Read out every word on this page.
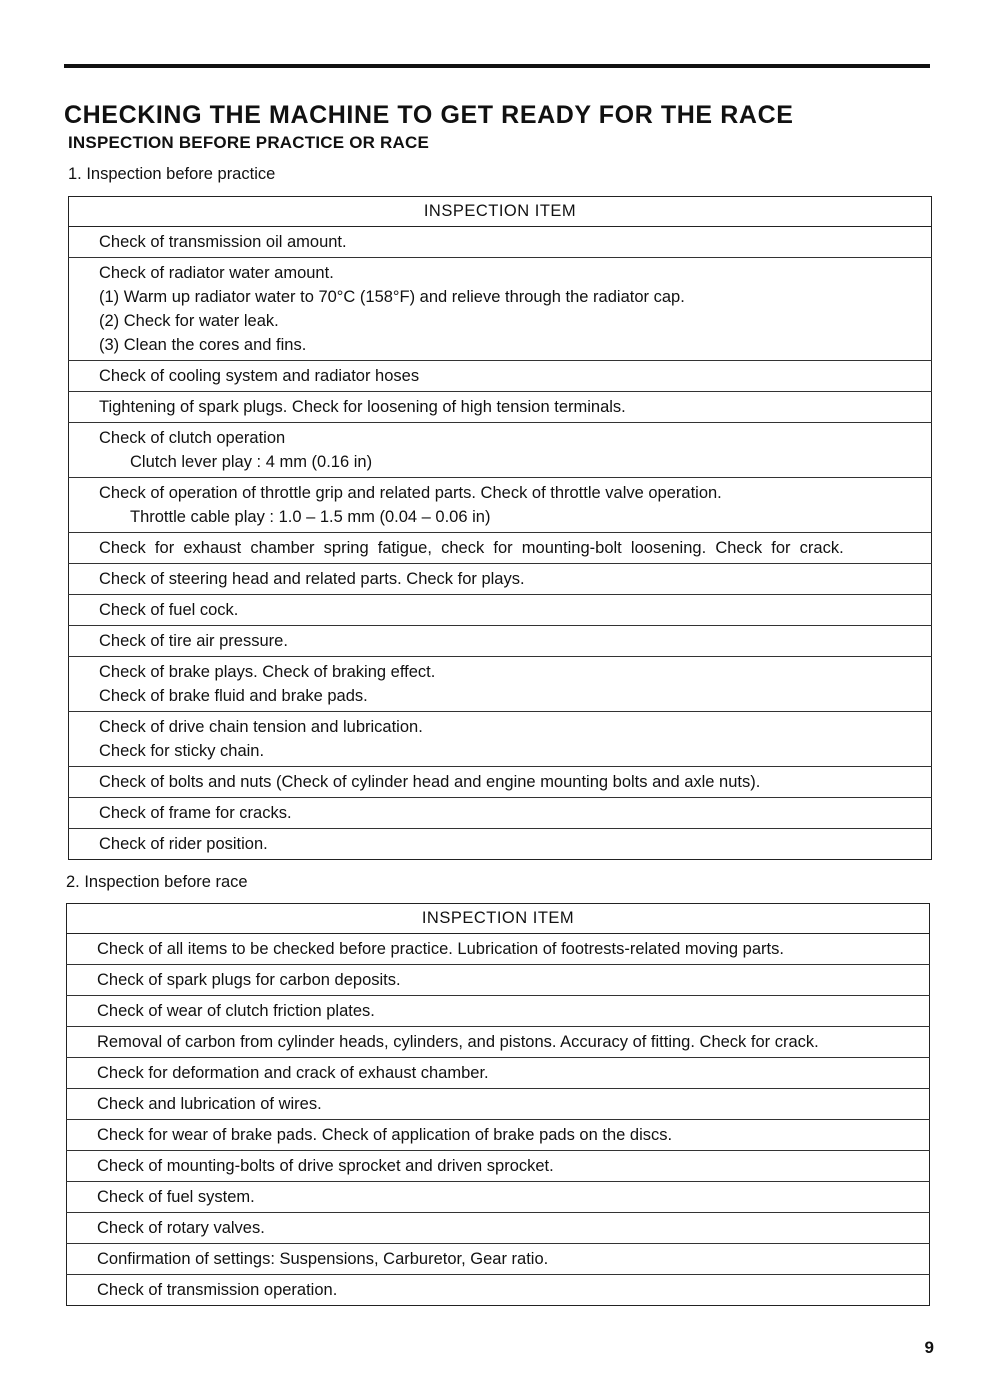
CHECKING THE MACHINE TO GET READY FOR THE RACE
INSPECTION BEFORE PRACTICE OR RACE
1. Inspection before practice
INSPECTION ITEM

Check of transmission oil amount.

Check of radiator water amount.
(1) Warm up radiator water to 70°C (158°F) and relieve through the radiator cap.
(2) Check for water leak.
(3) Clean the cores and fins.

Check of cooling system and radiator hoses

Tightening of spark plugs. Check for loosening of high tension terminals.

Check of clutch operation
Clutch lever play : 4 mm (0.16 in)

Check of operation of throttle grip and related parts. Check of throttle valve operation.
Throttle cable play : 1.0 – 1.5 mm (0.04 – 0.06 in)

Check  for  exhaust  chamber  spring  fatigue,  check  for  mounting-bolt  loosening.  Check  for  crack.

Check of steering head and related parts. Check for plays.

Check of fuel cock.

Check of tire air pressure.

Check of brake plays. Check of braking effect.
Check of brake fluid and brake pads.

Check of drive chain tension and lubrication.
Check for sticky chain.

Check of bolts and nuts (Check of cylinder head and engine mounting bolts and axle nuts).

Check of frame for cracks.

Check of rider position.
2. Inspection before race
INSPECTION ITEM
Check of all items to be checked before practice. Lubrication of footrests-related moving parts.
Check of spark plugs for carbon deposits.
Check of wear of clutch friction plates.
Removal of carbon from cylinder heads, cylinders, and pistons. Accuracy of fitting. Check for crack.
Check for deformation and crack of exhaust chamber.
Check and lubrication of wires.
Check for wear of brake pads. Check of application of brake pads on the discs.
Check of mounting-bolts of drive sprocket and driven sprocket.
Check of fuel system.
Check of rotary valves.
Confirmation of settings: Suspensions, Carburetor, Gear ratio.
Check of transmission operation.
9
